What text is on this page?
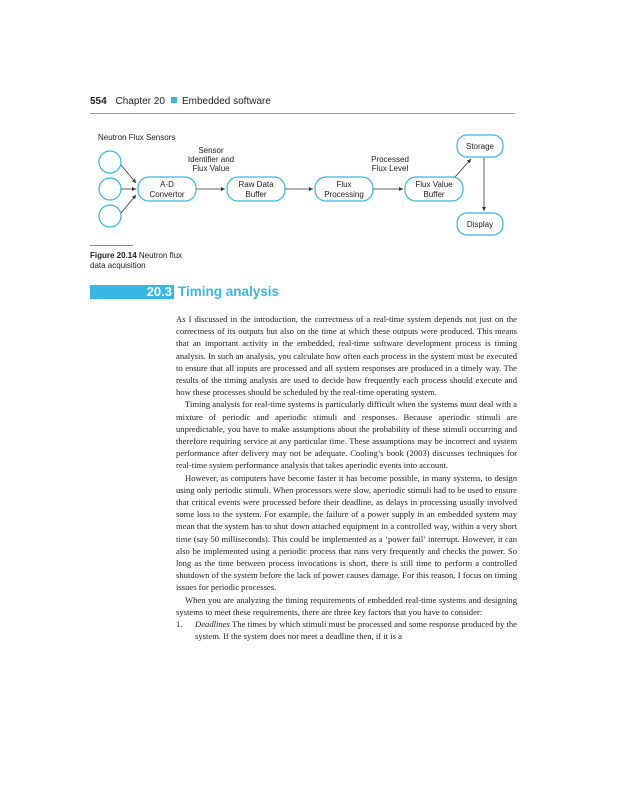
554 Chapter 20 Embedded software
Neutron Flux Sensors
A-D
Convertor
Raw Data
Buffer
Flux
Processing
Flux Value
Buffer
Storage
Display
Sensor
Identifier and
Flux Value
Processed
Flux Level
Figure 20.14 Neutron flux data acquisition
20.3 Timing analysis

As I discussed in the introduction, the correctness of a real-time system depends not just on the correctness of its outputs but also on the time at which these outputs were produced. This means that an important activity in the embedded, real-time software development process is timing analysis. In such an analysis, you calculate how often each process in the system must be executed to ensure that all inputs are processed and all system responses are produced in a timely way. The results of the timing analysis are used to decide how frequently each process should execute and how these processes should be scheduled by the real-time operating system.

Timing analysis for real-time systems is particularly difficult when the systems must deal with a mixture of periodic and aperiodic stimuli and responses. Because aperiodic stimuli are unpredictable, you have to make assumptions about the probability of these stimuli occurring and therefore requiring service at any particular time. These assumptions may be incorrect and system performance after delivery may not be adequate. Cooling’s book (2003) discusses techniques for real-time system performance analysis that takes aperiodic events into account.

However, as computers have become faster it has become possible, in many systems, to design using only periodic stimuli. When processors were slow, aperiodic stimuli had to be used to ensure that critical events were processed before their deadline, as delays in processing usually involved some loss to the system. For example, the failure of a power supply in an embedded system may mean that the system has to shut down attached equipment in a controlled way, within a very short time (say 50 milliseconds). This could be implemented as a ‘power fail’ interrupt. However, it can also be implemented using a periodic process that runs very frequently and checks the power. So long as the time between process invocations is short, there is still time to perform a controlled shutdown of the system before the lack of power causes damage. For this reason, I focus on timing issues for periodic processes.

When you are analyzing the timing requirements of embedded real-time systems and designing systems to meet these requirements, there are three key factors that you have to consider:

1. Deadlines The times by which stimuli must be processed and some response produced by the system. If the system does not meet a deadline then, if it is a
